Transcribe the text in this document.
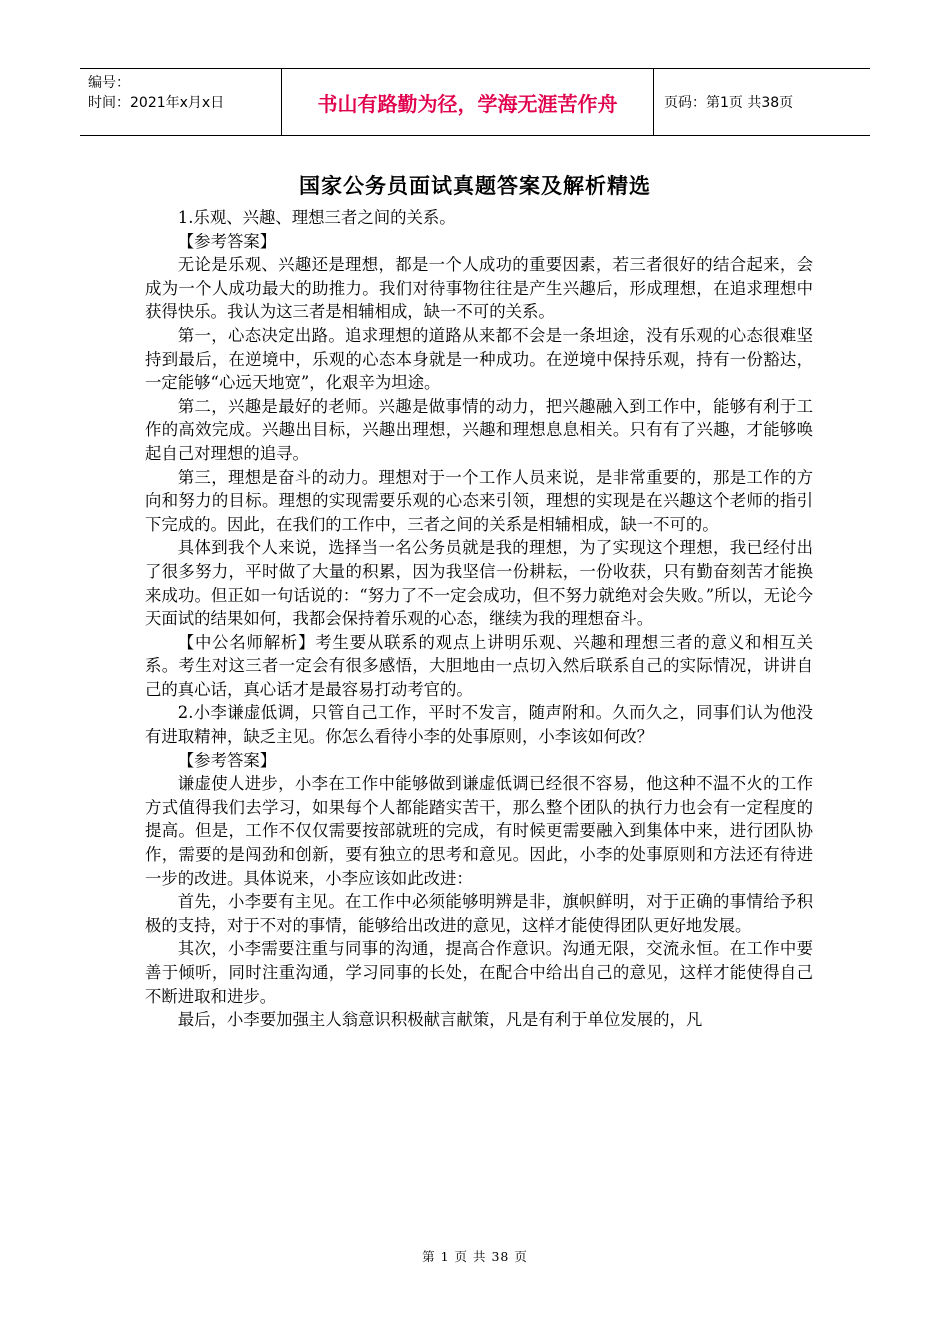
编号：
时间：2021年x月x日	书山有路勤为径，学海无涯苦作舟	页码：第1页 共38页
国家公务员面试真题答案及解析精选

1.乐观、兴趣、理想三者之间的关系。

【参考答案】

无论是乐观、兴趣还是理想，都是一个人成功的重要因素，若三者很好的结合起来，会成为一个人成功最大的助推力。我们对待事物往往是产生兴趣后，形成理想，在追求理想中获得快乐。我认为这三者是相辅相成，缺一不可的关系。

第一，心态决定出路。追求理想的道路从来都不会是一条坦途，没有乐观的心态很难坚持到最后，在逆境中，乐观的心态本身就是一种成功。在逆境中保持乐观，持有一份豁达，一定能够“心远天地宽”，化艰辛为坦途。

第二，兴趣是最好的老师。兴趣是做事情的动力，把兴趣融入到工作中，能够有利于工作的高效完成。兴趣出目标，兴趣出理想，兴趣和理想息息相关。只有有了兴趣，才能够唤起自己对理想的追寻。

第三，理想是奋斗的动力。理想对于一个工作人员来说，是非常重要的，那是工作的方向和努力的目标。理想的实现需要乐观的心态来引领，理想的实现是在兴趣这个老师的指引下完成的。因此，在我们的工作中，三者之间的关系是相辅相成，缺一不可的。

具体到我个人来说，选择当一名公务员就是我的理想，为了实现这个理想，我已经付出了很多努力，平时做了大量的积累，因为我坚信一份耕耘，一份收获，只有勤奋刻苦才能换来成功。但正如一句话说的：“努力了不一定会成功，但不努力就绝对会失败。”所以，无论今天面试的结果如何，我都会保持着乐观的心态，继续为我的理想奋斗。

【中公名师解析】考生要从联系的观点上讲明乐观、兴趣和理想三者的意义和相互关系。考生对这三者一定会有很多感悟，大胆地由一点切入然后联系自己的实际情况，讲讲自己的真心话，真心话才是最容易打动考官的。

2.小李谦虚低调，只管自己工作，平时不发言，随声附和。久而久之，同事们认为他没有进取精神，缺乏主见。你怎么看待小李的处事原则，小李该如何改？

【参考答案】

谦虚使人进步，小李在工作中能够做到谦虚低调已经很不容易，他这种不温不火的工作方式值得我们去学习，如果每个人都能踏实苦干，那么整个团队的执行力也会有一定程度的提高。但是，工作不仅仅需要按部就班的完成，有时候更需要融入到集体中来，进行团队协作，需要的是闯劲和创新，要有独立的思考和意见。因此，小李的处事原则和方法还有待进一步的改进。具体说来，小李应该如此改进：

首先，小李要有主见。在工作中必须能够明辨是非，旗帜鲜明，对于正确的事情给予积极的支持，对于不对的事情，能够给出改进的意见，这样才能使得团队更好地发展。

其次，小李需要注重与同事的沟通，提高合作意识。沟通无限，交流永恒。在工作中要善于倾听，同时注重沟通，学习同事的长处，在配合中给出自己的意见，这样才能使得自己不断进取和进步。

最后，小李要加强主人翁意识积极献言献策，凡是有利于单位发展的，凡

第 1 页 共 38 页
